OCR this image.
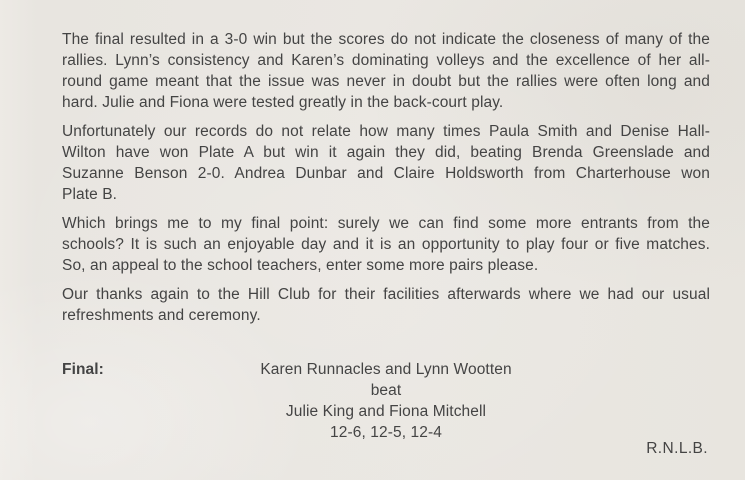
The final resulted in a 3-0 win but the scores do not indicate the closeness of many of the
rallies. Lynn’s consistency and Karen’s dominating volleys and the excellence of her all-
round game meant that the issue was never in doubt but the rallies were often long and
hard. Julie and Fiona were tested greatly in the back-court play.
Unfortunately our records do not relate how many times Paula Smith and Denise Hall-
Wilton have won Plate A but win it again they did, beating Brenda Greenslade and
Suzanne Benson 2-0. Andrea Dunbar and Claire Holdsworth from Charterhouse won
Plate B.
Which brings me to my final point: surely we can find some more entrants from the
schools? It is such an enjoyable day and it is an opportunity to play four or five matches.
So, an appeal to the school teachers, enter some more pairs please.
Our thanks again to the Hill Club for their facilities afterwards where we had our usual
refreshments and ceremony.
Final:	Karen Runnacles and Lynn Wootten
beat
Julie King and Fiona Mitchell
12-6, 12-5, 12-4
R.N.L.B.
